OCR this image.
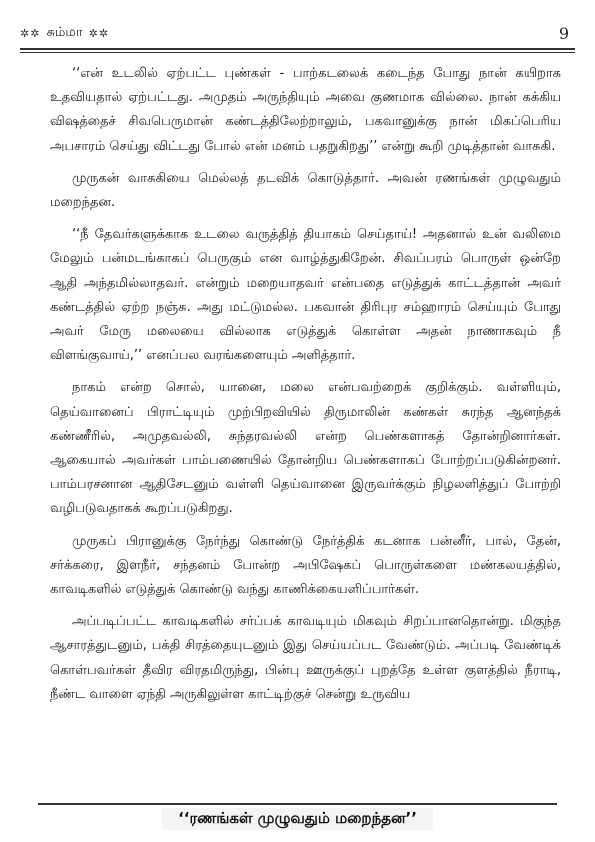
✲✲ சும்மா ✲✲	9

‘‘என் உடலில் ஏற்பட்ட புண்கள் - பாற்கடலைக் கடைந்த போது நான் கயிறாக உதவியதால் ஏற்பட்டது. அமுதம் அருந்தியும் அவை குணமாக வில்லை. நான் கக்கிய விஷத்தைச் சிவபெருமான் கண்டத்திலேற்றாலும், பகவானுக்கு நான் மிகப்பெரிய அபசாரம் செய்து விட்டது போல் என் மனம் பதறுகிறது’’ என்று கூறி முடித்தான் வாசுகி.

முருகன் வாசுகியை மெல்லத் தடவிக் கொடுத்தார். அவன் ரணங்கள் முழுவதும் மறைந்தன.

‘‘நீ தேவர்களுக்காக உடலை வருத்தித் தியாகம் செய்தாய்! அதனால் உன் வலிமை மேலும் பன்மடங்காகப் பெருகும் என வாழ்த்துகிறேன். சிவப்பரம் பொருள் ஒன்றே ஆதி அந்தமில்லாதவர். என்றும் மறையாதவர் என்பதை எடுத்துக் காட்டத்தான் அவர் கண்டத்தில் ஏற்ற நஞ்சு. அது மட்டுமல்ல. பகவான் திரிபுர சம்ஹாரம் செய்யும் போது அவர் மேரு மலையை வில்லாக எடுத்துக் கொள்ள அதன் நாணாகவும் நீ விளங்குவாய்,’’ எனப்பல வரங்களையும் அளித்தார்.

நாகம் என்ற சொல், யானை, மலை என்பவற்றைக் குறிக்கும். வள்ளியும், தெய்வானைப் பிராட்டியும் முற்பிறவியில் திருமாலின் கண்கள் சுரந்த ஆனந்தக் கண்ணீரில், அமுதவல்லி, சுந்தரவல்லி என்ற பெண்களாகத் தோன்றினார்கள். ஆகையால் அவர்கள் பாம்பணையில் தோன்றிய பெண்களாகப் போற்றப்படுகின்றனர். பாம்பரசனான ஆதிசேடனும் வள்ளி தெய்வானை இருவர்க்கும் நிழலளித்துப் போற்றி வழிபடுவதாகக் கூறப்படுகிறது.

முருகப் பிரானுக்கு நேர்ந்து கொண்டு நேர்த்திக் கடனாக பன்னீர், பால், தேன், சர்க்கரை, இளநீர், சந்தனம் போன்ற அபிஷேகப் பொருள்களை மண்கலயத்தில், காவடிகளில் எடுத்துக் கொண்டு வந்து காணிக்கையளிப்பார்கள்.

அப்படிப்பட்ட காவடிகளில் சர்ப்பக் காவடியும் மிகவும் சிறப்பானதொன்று. மிகுந்த ஆசாரத்துடனும், பக்தி சிரத்தையுடனும் இது செய்யப்பட வேண்டும். அப்படி வேண்டிக் கொள்பவர்கள் தீவிர விரதமிருந்து, பின்பு ஊருக்குப் புறத்தே உள்ள குளத்தில் நீராடி, நீண்ட வாளை ஏந்தி அருகிலுள்ள காட்டிற்குச் சென்று உருவிய

‘‘ரணங்கள் முழுவதும் மறைந்தன’’
